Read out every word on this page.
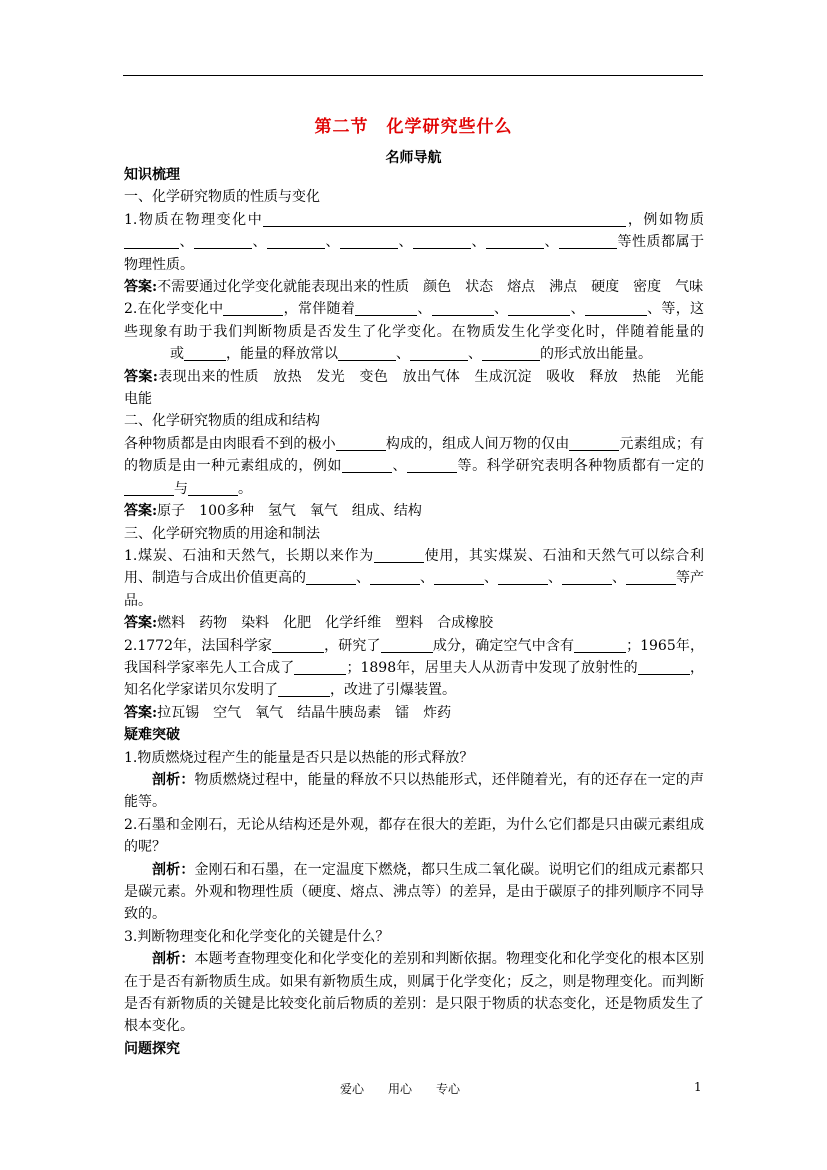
第二节　化学研究些什么
名师导航

知识梳理

一、化学研究物质的性质与变化

1.物质在物理变化中	，例如物质、	、	、	、	、	、	等性质都属于物理性质。

答案:不需要通过化学变化就能表现出来的性质　颜色　状态　熔点　沸点　硬度　密度　气味

2.在化学变化中	，常伴随着	、	、	、	、等，这些现象有助于我们判断物质是否发生了化学变化。在物质发生化学变化时，伴随着能量的或	，能量的释放常以	、	、	的形式放出能量。

答案:表现出来的性质　放热　发光　变色　放出气体　生成沉淀　吸收　释放　热能　光能　电能

二、化学研究物质的组成和结构

各种物质都是由肉眼看不到的极小	构成的，组成人间万物的仅由	元素组成；有的物质是由一种元素组成的，例如	、	等。科学研究表明各种物质都有一定的与	。

答案:原子　100多种　氢气　氧气　组成、结构

三、化学研究物质的用途和制法

1.煤炭、石油和天然气，长期以来作为	使用，其实煤炭、石油和天然气可以综合利用、制造与合成出价值更高的	、	、	、	、	、	等产品。

答案:燃料　药物　染料　化肥　化学纤维　塑料　合成橡胶

2.1772年，法国科学家	，研究了	成分，确定空气中含有	；1965年，我国科学家率先人工合成了	；1898年，居里夫人从沥青中发现了放射性的	，知名化学家诺贝尔发明了	，改进了引爆装置。

答案:拉瓦锡　空气　氧气　结晶牛胰岛素　镭　炸药

疑难突破

1.物质燃烧过程产生的能量是否只是以热能的形式释放？

剖析：物质燃烧过程中，能量的释放不只以热能形式，还伴随着光，有的还存在一定的声能等。

2.石墨和金刚石，无论从结构还是外观，都存在很大的差距，为什么它们都是只由碳元素组成的呢？

剖析：金刚石和石墨，在一定温度下燃烧，都只生成二氧化碳。说明它们的组成元素都只是碳元素。外观和物理性质（硬度、熔点、沸点等）的差异，是由于碳原子的排列顺序不同导致的。

3.判断物理变化和化学变化的关键是什么？

剖析：本题考查物理变化和化学变化的差别和判断依据。物理变化和化学变化的根本区别在于是否有新物质生成。如果有新物质生成，则属于化学变化；反之，则是物理变化。而判断是否有新物质的关键是比较变化前后物质的差别：是只限于物质的状态变化，还是物质发生了根本变化。

问题探究

爱心　　用心　　专心	1
